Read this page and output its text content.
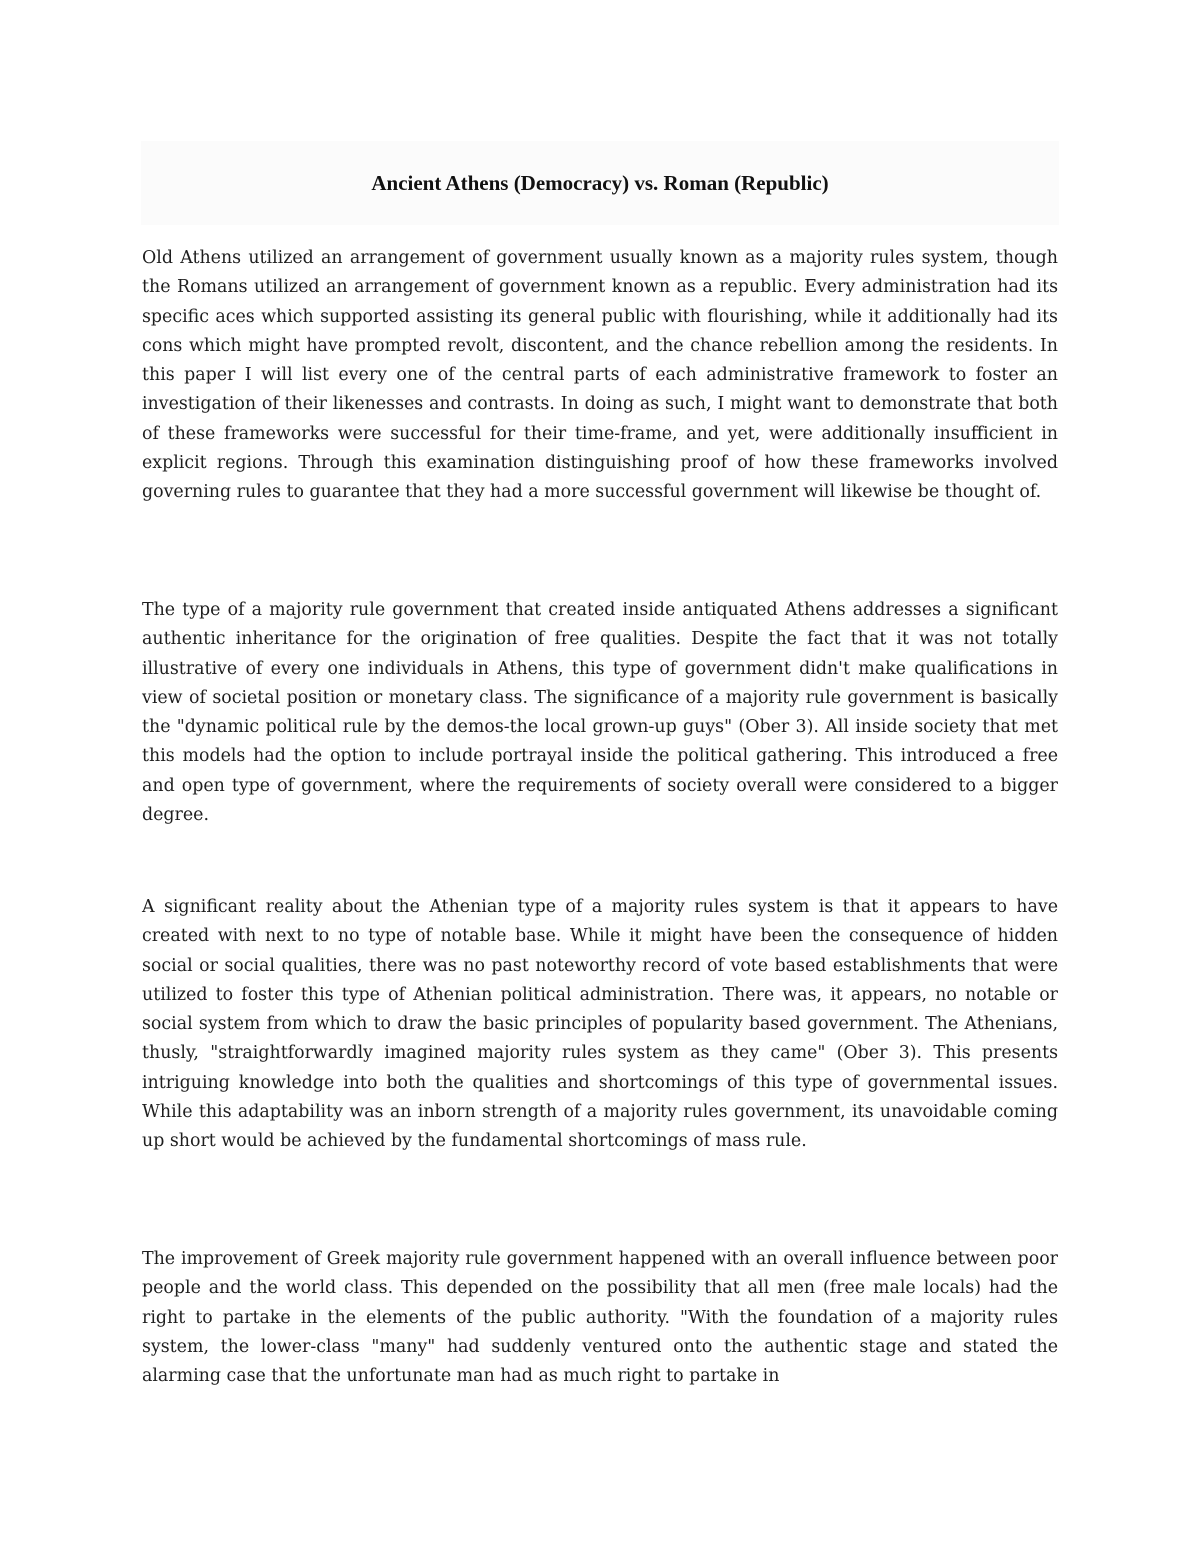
Ancient Athens (Democracy) vs. Roman (Republic)

Old Athens utilized an arrangement of government usually known as a majority rules system, though the Romans utilized an arrangement of government known as a republic. Every administration had its specific aces which supported assisting its general public with flourishing, while it additionally had its cons which might have prompted revolt, discontent, and the chance rebellion among the residents. In this paper I will list every one of the central parts of each administrative framework to foster an investigation of their likenesses and contrasts. In doing as such, I might want to demonstrate that both of these frameworks were successful for their time-frame, and yet, were additionally insufficient in explicit regions. Through this examination distinguishing proof of how these frameworks involved governing rules to guarantee that they had a more successful government will likewise be thought of.

The type of a majority rule government that created inside antiquated Athens addresses a significant authentic inheritance for the origination of free qualities. Despite the fact that it was not totally illustrative of every one individuals in Athens, this type of government didn't make qualifications in view of societal position or monetary class. The significance of a majority rule government is basically the "dynamic political rule by the demos-the local grown-up guys" (Ober 3). All inside society that met this models had the option to include portrayal inside the political gathering. This introduced a free and open type of government, where the requirements of society overall were considered to a bigger degree.

A significant reality about the Athenian type of a majority rules system is that it appears to have created with next to no type of notable base. While it might have been the consequence of hidden social or social qualities, there was no past noteworthy record of vote based establishments that were utilized to foster this type of Athenian political administration. There was, it appears, no notable or social system from which to draw the basic principles of popularity based government. The Athenians, thusly, "straightforwardly imagined majority rules system as they came" (Ober 3). This presents intriguing knowledge into both the qualities and shortcomings of this type of governmental issues. While this adaptability was an inborn strength of a majority rules government, its unavoidable coming up short would be achieved by the fundamental shortcomings of mass rule.

The improvement of Greek majority rule government happened with an overall influence between poor people and the world class. This depended on the possibility that all men (free male locals) had the right to partake in the elements of the public authority. "With the foundation of a majority rules system, the lower-class "many" had suddenly ventured onto the authentic stage and stated the alarming case that the unfortunate man had as much right to partake in
